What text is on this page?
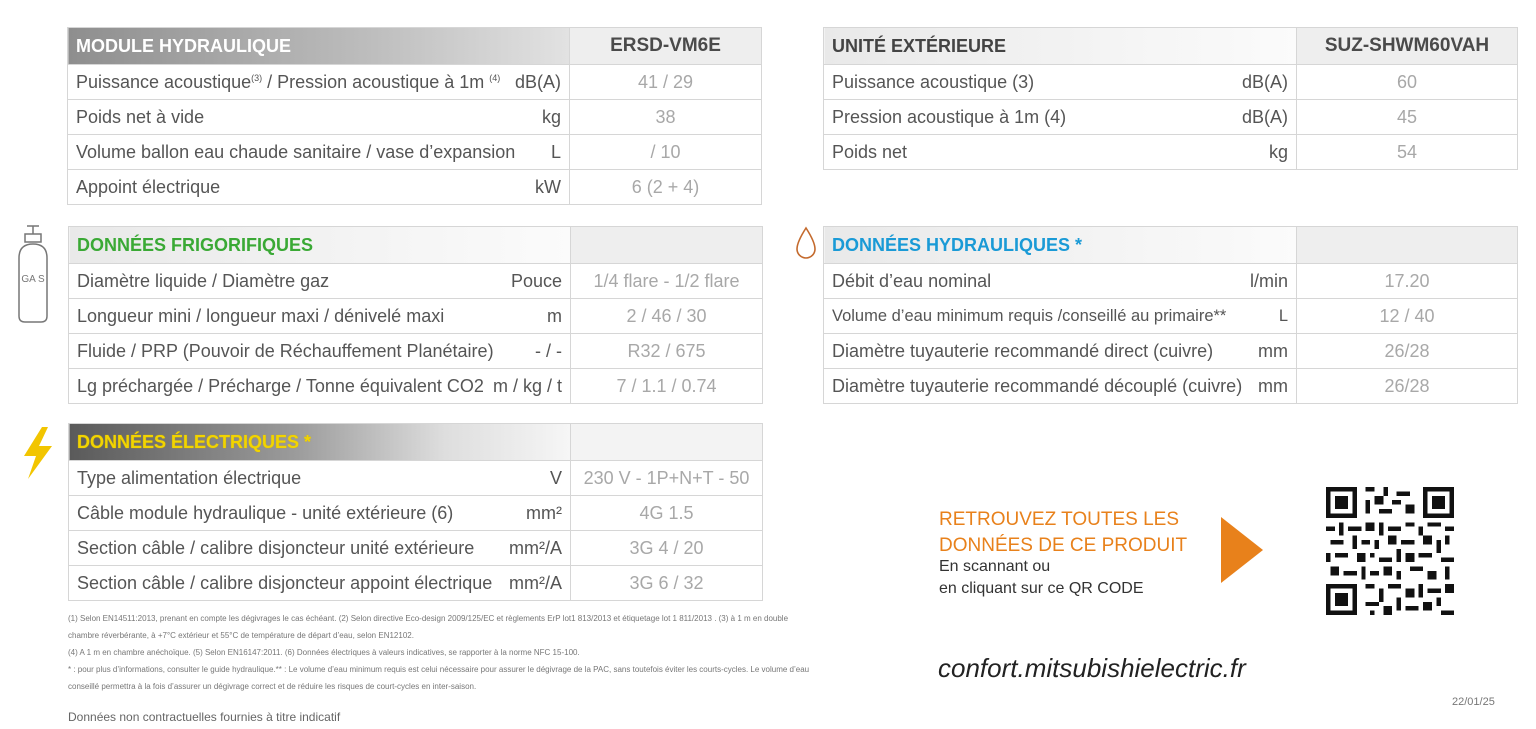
MODULE HYDRAULIQUE	ERSD-VM6E
Puissance acoustique$^{(3)}$ / Pression acoustique à 1m $^{(4)}$ dB(A)	41 / 29
Poids net à vide kg	38
Volume ballon eau chaude sanitaire / vase d’expansion L	/ 10
Appoint électrique kW	6 (2 + 4)
UNITÉ EXTÉRIEURE	SUZ-SHWM60VAH
Puissance acoustique (3) dB(A)	60
Pression acoustique à 1m (4) dB(A)	45
Poids net kg	54
GA S
DONNÉES FRIGORIFIQUES	
Diamètre liquide / Diamètre gaz Pouce	1/4 flare - 1/2 flare
Longueur mini / longueur maxi / dénivelé maxi m	2 / 46 / 30
Fluide / PRP (Pouvoir de Réchauffement Planétaire) - / -	R32 / 675
Lg préchargée / Précharge / Tonne équivalent CO2 m / kg / t	7 / 1.1 / 0.74
DONNÉES HYDRAULIQUES *	
Débit d’eau nominal l/min	17.20
Volume d’eau minimum requis /conseillé au primaire** L	12 / 40
Diamètre tuyauterie recommandé direct (cuivre) mm	26/28
Diamètre tuyauterie recommandé découplé (cuivre) mm	26/28
DONNÉES ÉLECTRIQUES *	
Type alimentation électrique V	230 V - 1P+N+T - 50
Câble module hydraulique - unité extérieure (6) mm²	4G 1.5
Section câble / calibre disjoncteur unité extérieure mm²/A	3G 4 / 20
Section câble / calibre disjoncteur appoint électrique mm²/A	3G 6 / 32
(1) Selon EN14511:2013, prenant en compte les dégivrages le cas échéant. (2) Selon directive Eco-design 2009/125/EC et règlements ErP lot1 813/2013 et étiquetage lot 1 811/2013 . (3) à 1 m en double
chambre réverbérante, à +7°C extérieur et 55°C de température de départ d’eau, selon EN12102.
(4) A 1 m en chambre anéchoïque. (5) Selon EN16147:2011. (6) Données électriques à valeurs indicatives, se rapporter à la norme NFC 15-100.
* : pour plus d’informations, consulter le guide hydraulique.** : Le volume d’eau minimum requis est celui nécessaire pour assurer le dégivrage de la PAC, sans toutefois éviter les courts-cycles. Le volume d’eau
conseillé permettra à la fois d’assurer un dégivrage correct et de réduire les risques de court-cycles en inter-saison.
Données non contractuelles fournies à titre indicatif
RETROUVEZ TOUTES LES
DONNÉES DE CE PRODUIT
En scannant ou
en cliquant sur ce QR CODE
confort.mitsubishielectric.fr
22/01/25
